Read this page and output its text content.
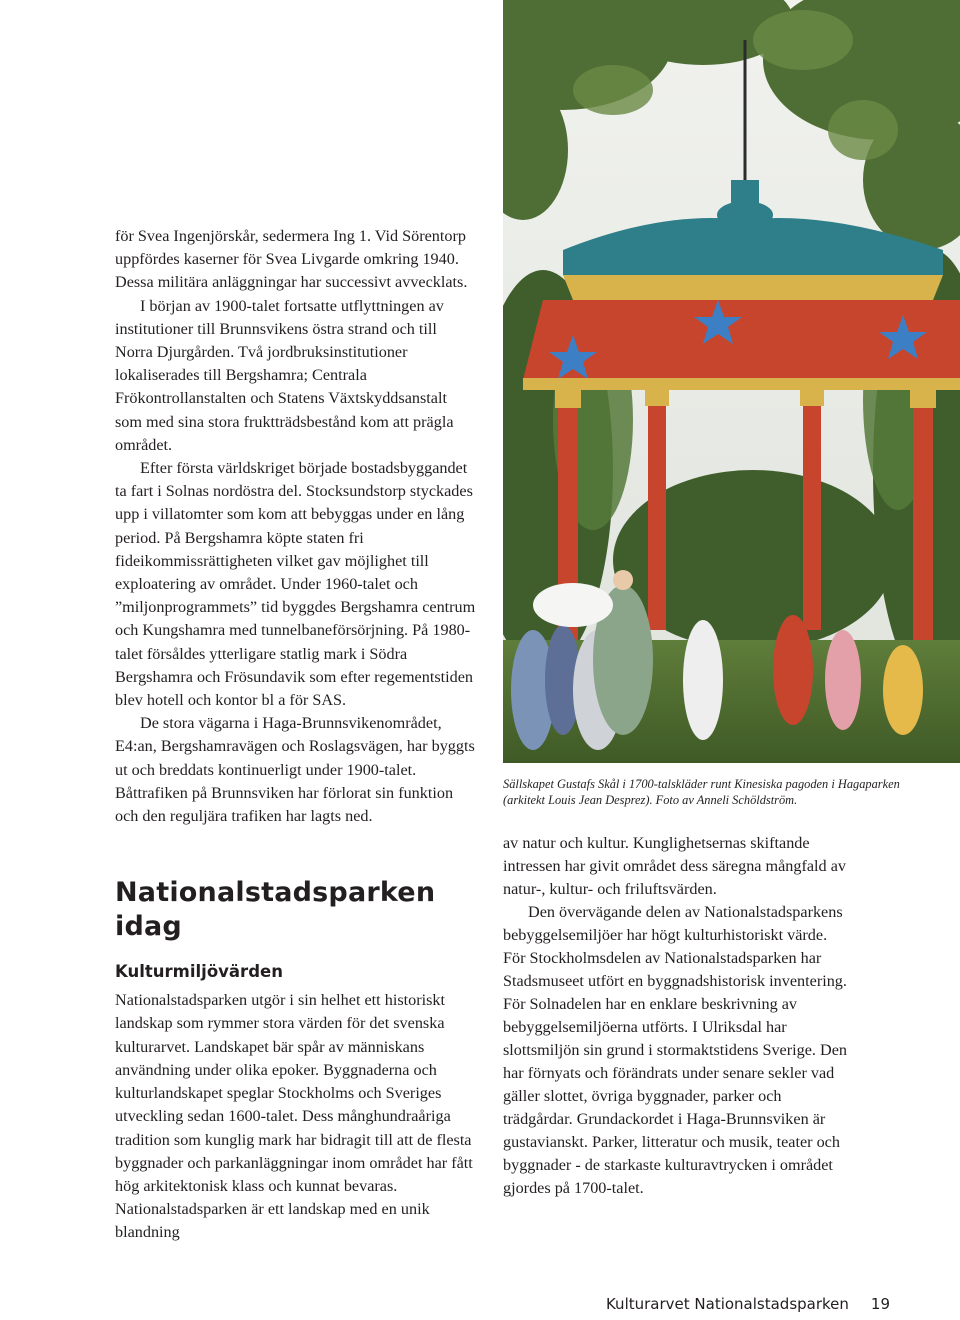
för Svea Ingenjörskår, sedermera Ing 1. Vid Sörentorp uppfördes kaserner för Svea Livgarde omkring 1940. Dessa militära anläggningar har successivt avvecklats.

I början av 1900-talet fortsatte utflyttningen av institutioner till Brunnsvikens östra strand och till Norra Djurgården. Två jordbruksinstitutioner lokaliserades till Bergshamra; Centrala Frökontrollanstalten och Statens Växtskyddsanstalt som med sina stora fruktträdsbestånd kom att prägla området.

Efter första världskriget började bostadsbyggandet ta fart i Solnas nordöstra del. Stocksundstorp styckades upp i villatomter som kom att bebyggas under en lång period. På Bergshamra köpte staten fri fideikommissrättigheten vilket gav möjlighet till exploatering av området. Under 1960-talet och ”miljonprogrammets” tid byggdes Bergshamra centrum och Kungshamra med tunnelbaneförsörjning. På 1980-talet försåldes ytterligare statlig mark i Södra Bergshamra och Frösundavik som efter regementstiden blev hotell och kontor bl a för SAS.

De stora vägarna i Haga-Brunnsvikenområdet, E4:an, Bergshamravägen och Roslagsvägen, har byggts ut och breddats kontinuerligt under 1900-talet. Båttrafiken på Brunnsviken har förlorat sin funktion och den reguljära trafiken har lagts ned.

Nationalstadsparken idag
Kulturmiljövärden

Nationalstadsparken utgör i sin helhet ett historiskt landskap som rymmer stora värden för det svenska kulturarvet. Landskapet bär spår av människans användning under olika epoker. Byggnaderna och kulturlandskapet speglar Stockholms och Sveriges utveckling sedan 1600-talet. Dess månghundraåriga tradition som kunglig mark har bidragit till att de flesta byggnader och parkanläggningar inom området har fått hög arkitektonisk klass och kunnat bevaras. Nationalstadsparken är ett landskap med en unik blandning

Sällskapet Gustafs Skål i 1700-talskläder runt Kinesiska pagoden i Hagaparken (arkitekt Louis Jean Desprez). Foto av Anneli Schöldström.

av natur och kultur. Kunglighetsernas skiftande intressen har givit området dess säregna mångfald av natur-, kultur- och friluftsvärden.

Den övervägande delen av Nationalstadsparkens bebyggelsemiljöer har högt kulturhistoriskt värde. För Stockholmsdelen av Nationalstadsparken har Stadsmuseet utfört en byggnadshistorisk inventering. För Solnadelen har en enklare beskrivning av bebyggelsemiljöerna utförts. I Ulriksdal har slottsmiljön sin grund i stormaktstidens Sverige. Den har förnyats och förändrats under senare sekler vad gäller slottet, övriga byggnader, parker och trädgårdar. Grundackordet i Haga-Brunnsviken är gustavianskt. Parker, litteratur och musik, teater och byggnader - de starkaste kulturavtrycken i området gjordes på 1700-talet.

Kulturarvet Nationalstadsparken 19
